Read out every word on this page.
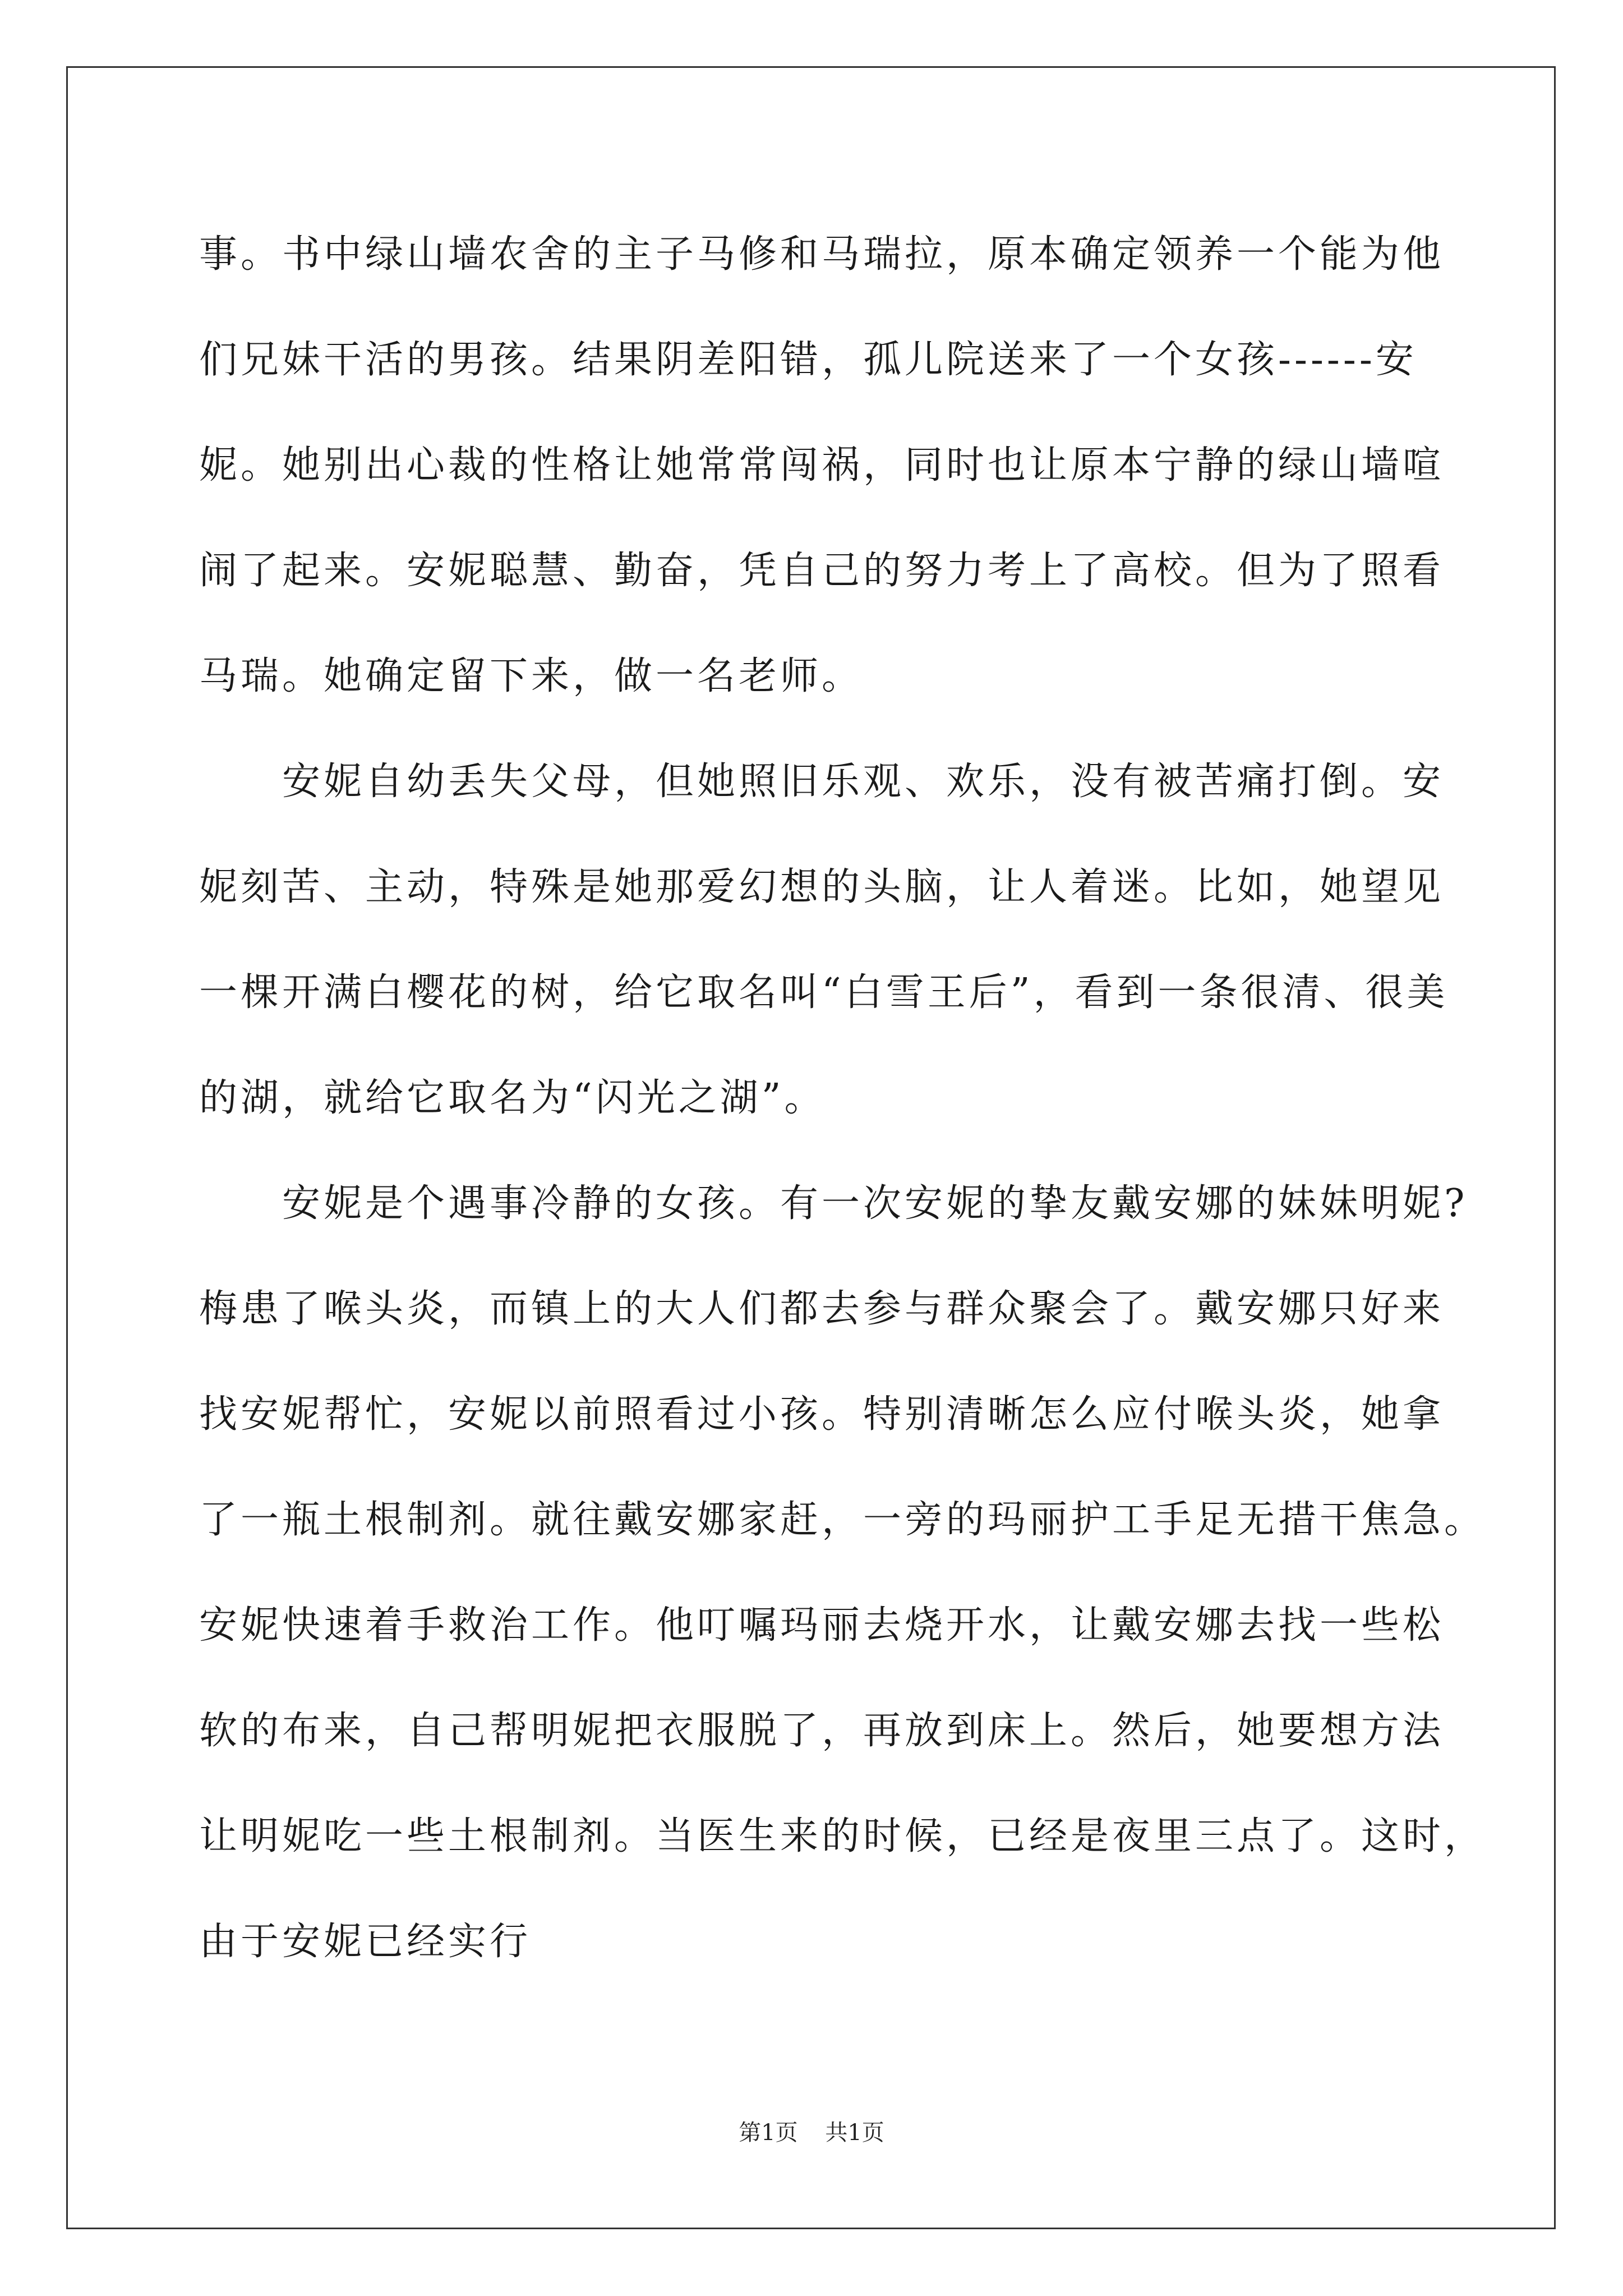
事。书中绿山墙农舍的主子马修和马瑞拉，原本确定领养一个能为他
们兄妹干活的男孩。结果阴差阳错，孤儿院送来了一个女孩------安
妮。她别出心裁的性格让她常常闯祸，同时也让原本宁静的绿山墙喧
闹了起来。安妮聪慧、勤奋，凭自己的努力考上了高校。但为了照看
马瑞。她确定留下来，做一名老师。

安妮自幼丢失父母，但她照旧乐观、欢乐，没有被苦痛打倒。安
妮刻苦、主动，特殊是她那爱幻想的头脑，让人着迷。比如，她望见
一棵开满白樱花的树，给它取名叫“白雪王后”，看到一条很清、很美
的湖，就给它取名为“闪光之湖”。

安妮是个遇事冷静的女孩。有一次安妮的挚友戴安娜的妹妹明妮?
梅患了喉头炎，而镇上的大人们都去参与群众聚会了。戴安娜只好来
找安妮帮忙，安妮以前照看过小孩。特别清晰怎么应付喉头炎，她拿
了一瓶土根制剂。就往戴安娜家赶，一旁的玛丽护工手足无措干焦急。
安妮快速着手救治工作。他叮嘱玛丽去烧开水，让戴安娜去找一些松
软的布来，自己帮明妮把衣服脱了，再放到床上。然后，她要想方法
让明妮吃一些土根制剂。当医生来的时候，已经是夜里三点了。这时，
由于安妮已经实行

第1页 共1页
